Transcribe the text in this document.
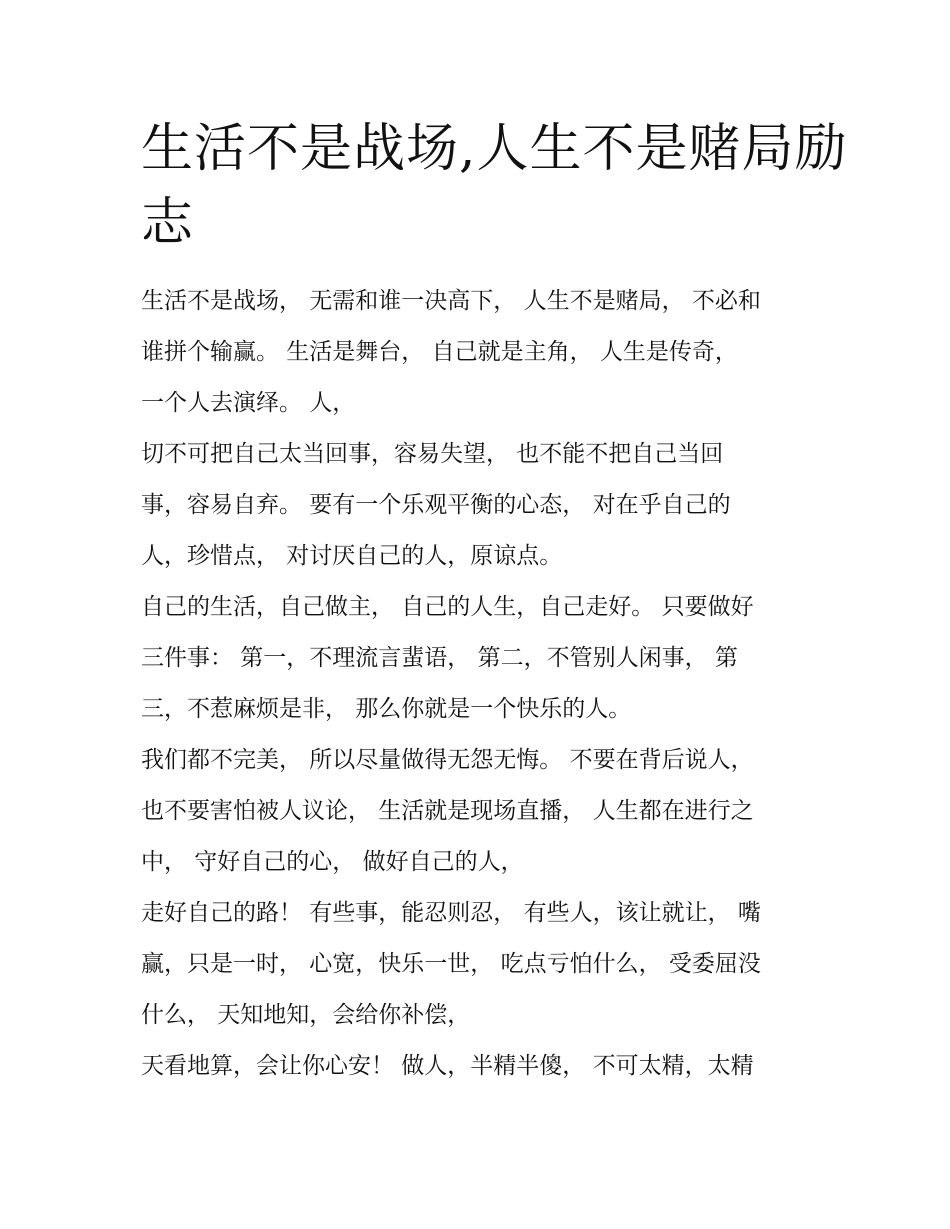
生活不是战场,人生不是赌局励
志
生活不是战场， 无需和谁一决高下， 人生不是赌局， 不必和
谁拼个输赢。 生活是舞台， 自己就是主角， 人生是传奇，
一个人去演绎。 人，
切不可把自己太当回事，容易失望， 也不能不把自己当回
事，容易自弃。 要有一个乐观平衡的心态， 对在乎自己的
人，珍惜点， 对讨厌自己的人，原谅点。
自己的生活，自己做主， 自己的人生，自己走好。 只要做好
三件事： 第一，不理流言蜚语， 第二，不管别人闲事， 第
三，不惹麻烦是非， 那么你就是一个快乐的人。
我们都不完美， 所以尽量做得无怨无悔。 不要在背后说人，
也不要害怕被人议论， 生活就是现场直播， 人生都在进行之
中， 守好自己的心， 做好自己的人，
走好自己的路！ 有些事，能忍则忍， 有些人，该让就让， 嘴
赢，只是一时， 心宽，快乐一世， 吃点亏怕什么， 受委屈没
什么， 天知地知，会给你补偿，
天看地算，会让你心安！ 做人，半精半傻， 不可太精，太精
